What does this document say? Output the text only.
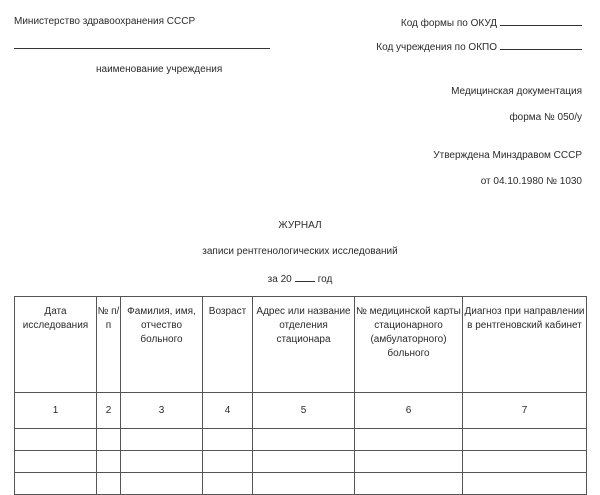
Министерство здравоохранения СССР
наименование учреждения
Код формы по ОКУД
Код учреждения по ОКПО
Медицинская документация
форма № 050/у
Утверждена Минздравом СССР
от 04.10.1980 № 1030
ЖУРНАЛ
записи рентгенологических исследований
за 20	год
Дата исследования	№ п/п	Фамилия, имя, отчество больного	Возраст	Адрес или название отделения стационара	№ медицинской карты стационарного (амбулаторного) больного	Диагноз при направлении в рентгеновский кабинет
1	2	3	4	5	6	7
